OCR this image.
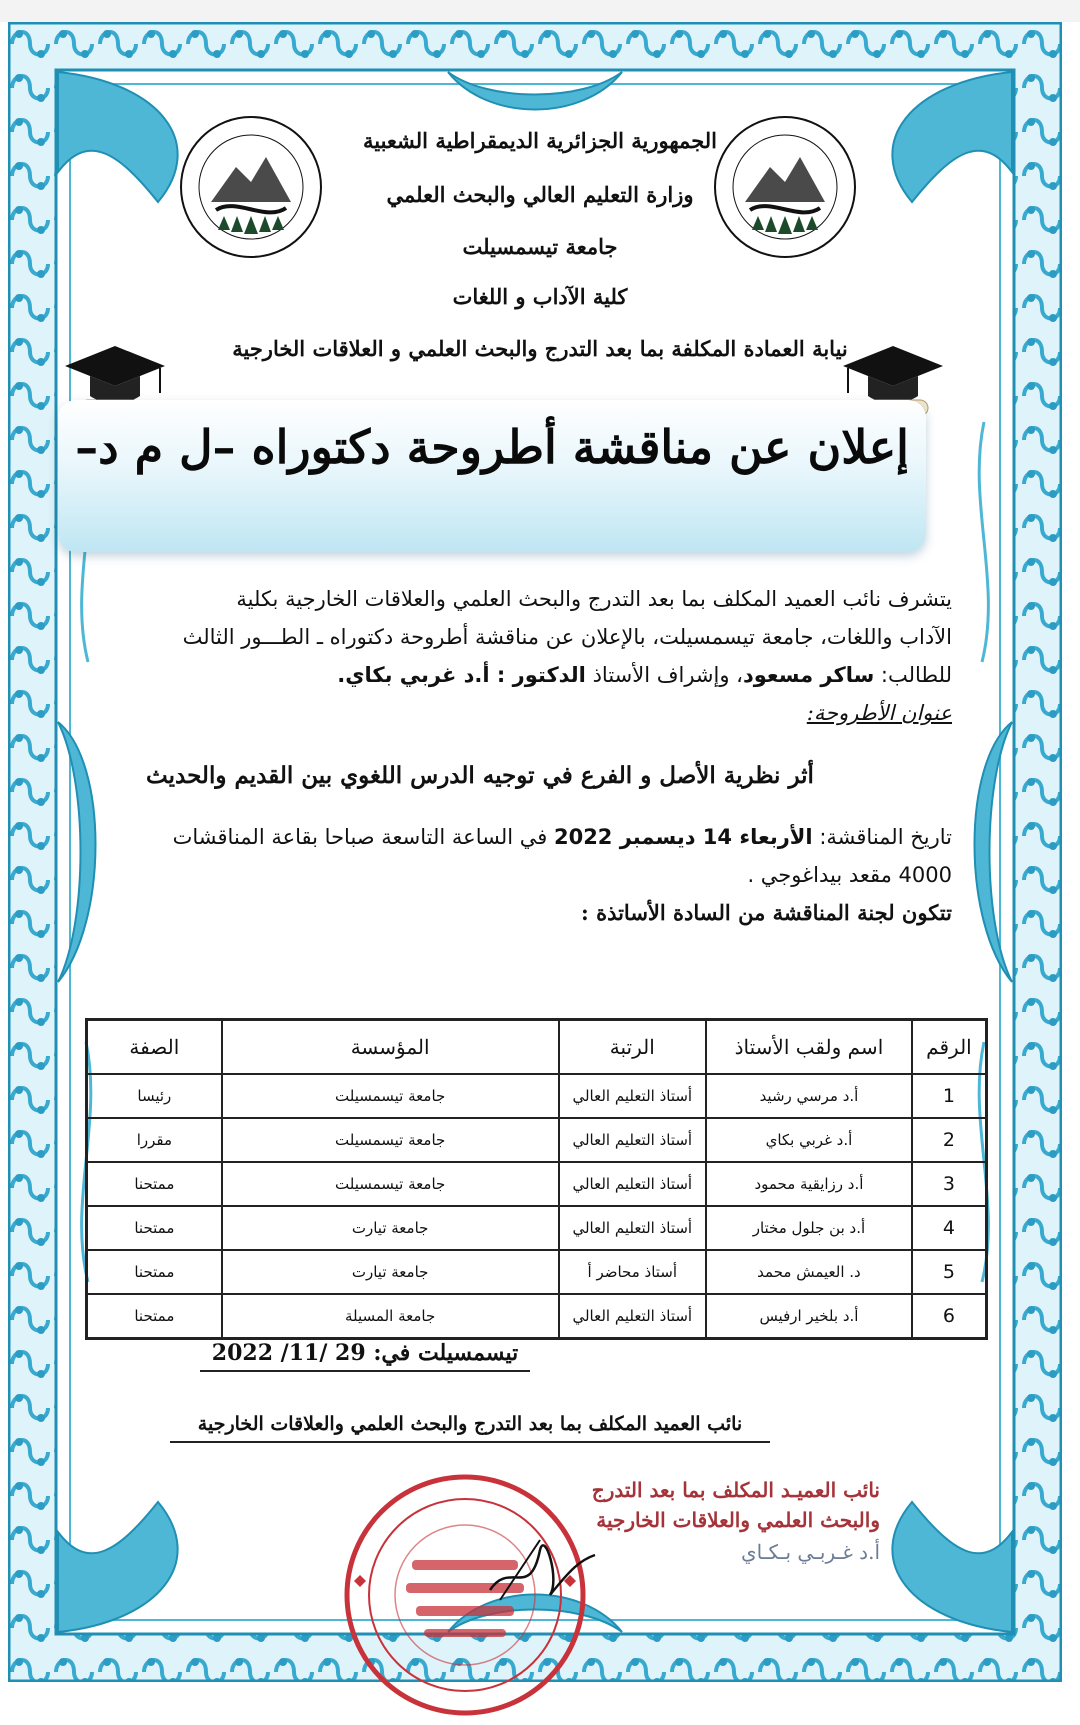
الجمهورية الجزائرية الديمقراطية الشعبية
وزارة التعليم العالي والبحث العلمي
جامعة تيسمسيلت
كلية الآداب و اللغات
نيابة العمادة المكلفة بما بعد التدرج والبحث العلمي و العلاقات الخارجية
إعلان عن مناقشة أطروحة دكتوراه –ل م د–
يتشرف نائب العميد المكلف بما بعد التدرج والبحث العلمي والعلاقات الخارجية بكلية
الآداب واللغات، جامعة تيسمسيلت، بالإعلان عن مناقشة أطروحة دكتوراه ـ الطـــور الثالث
للطالب: ساكر مسعود، وإشراف الأستاذ الدكتور : أ.د غربي بكاي.
عنوان الأطروحة:
أثر نظرية الأصل و الفرع في توجيه الدرس اللغوي بين القديم والحديث
تاريخ المناقشة: الأربعاء 14 ديسمبر 2022 في الساعة التاسعة صباحا بقاعة المناقشات
4000 مقعد بيداغوجي .
تتكون لجنة المناقشة من السادة الأساتذة :
الرقم	اسم ولقب الأستاذ	الرتبة	المؤسسة	الصفة
1	أ.د مرسي رشيد	أستاذ التعليم العالي	جامعة تيسمسيلت	رئيسا
2	أ.د غربي بكاي	أستاذ التعليم العالي	جامعة تيسمسيلت	مقررا
3	أ.د رزايقية محمود	أستاذ التعليم العالي	جامعة تيسمسيلت	ممتحنا
4	أ.د بن جلول مختار	أستاذ التعليم العالي	جامعة تيارت	ممتحنا
5	د. العيمش محمد	أستاذ محاضر أ	جامعة تيارت	ممتحنا
6	أ.د بلخير ارفيس	أستاذ التعليم العالي	جامعة المسيلة	ممتحنا
تيسمسيلت في: 29 /11/ 2022
نائب العميد المكلف بما بعد التدرج والبحث العلمي والعلاقات الخارجية
نائب العميـد المكلف بما بعد التدرج
والبحث العلمي والعلاقات الخارجية
أ.د غـربـي بـكـاي
